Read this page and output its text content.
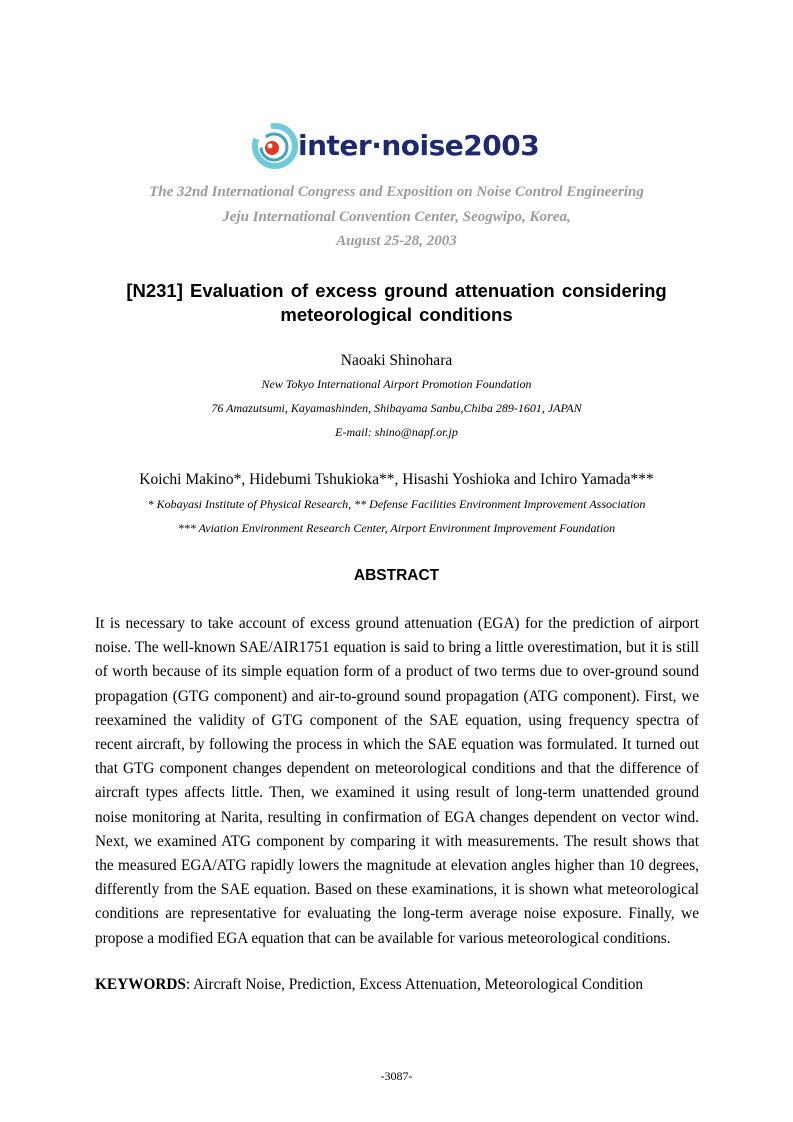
inter·noise2003
The 32nd International Congress and Exposition on Noise Control Engineering
Jeju International Convention Center, Seogwipo, Korea,
August 25-28, 2003
[N231] Evaluation of excess ground attenuation considering
meteorological conditions
Naoaki Shinohara
New Tokyo International Airport Promotion Foundation
76 Amazutsumi, Kayamashinden, Shibayama Sanbu,Chiba 289-1601, JAPAN
E-mail: shino@napf.or.jp
Koichi Makino*, Hidebumi Tshukioka**, Hisashi Yoshioka and Ichiro Yamada***
* Kobayasi Institute of Physical Research, ** Defense Facilities Environment Improvement Association
*** Aviation Environment Research Center, Airport Environment Improvement Foundation
ABSTRACT

It is necessary to take account of excess ground attenuation (EGA) for the prediction of airport noise. The well-known SAE/AIR1751 equation is said to bring a little overestimation, but it is still of worth because of its simple equation form of a product of two terms due to over-ground sound propagation (GTG component) and air-to-ground sound propagation (ATG component). First, we reexamined the validity of GTG component of the SAE equation, using frequency spectra of recent aircraft, by following the process in which the SAE equation was formulated. It turned out that GTG component changes dependent on meteorological conditions and that the difference of aircraft types affects little. Then, we examined it using result of long-term unattended ground noise monitoring at Narita, resulting in confirmation of EGA changes dependent on vector wind. Next, we examined ATG component by comparing it with measurements. The result shows that the measured EGA/ATG rapidly lowers the magnitude at elevation angles higher than 10 degrees, differently from the SAE equation. Based on these examinations, it is shown what meteorological conditions are representative for evaluating the long-term average noise exposure. Finally, we propose a modified EGA equation that can be available for various meteorological conditions.

KEYWORDS: Aircraft Noise, Prediction, Excess Attenuation, Meteorological Condition

-3087-
